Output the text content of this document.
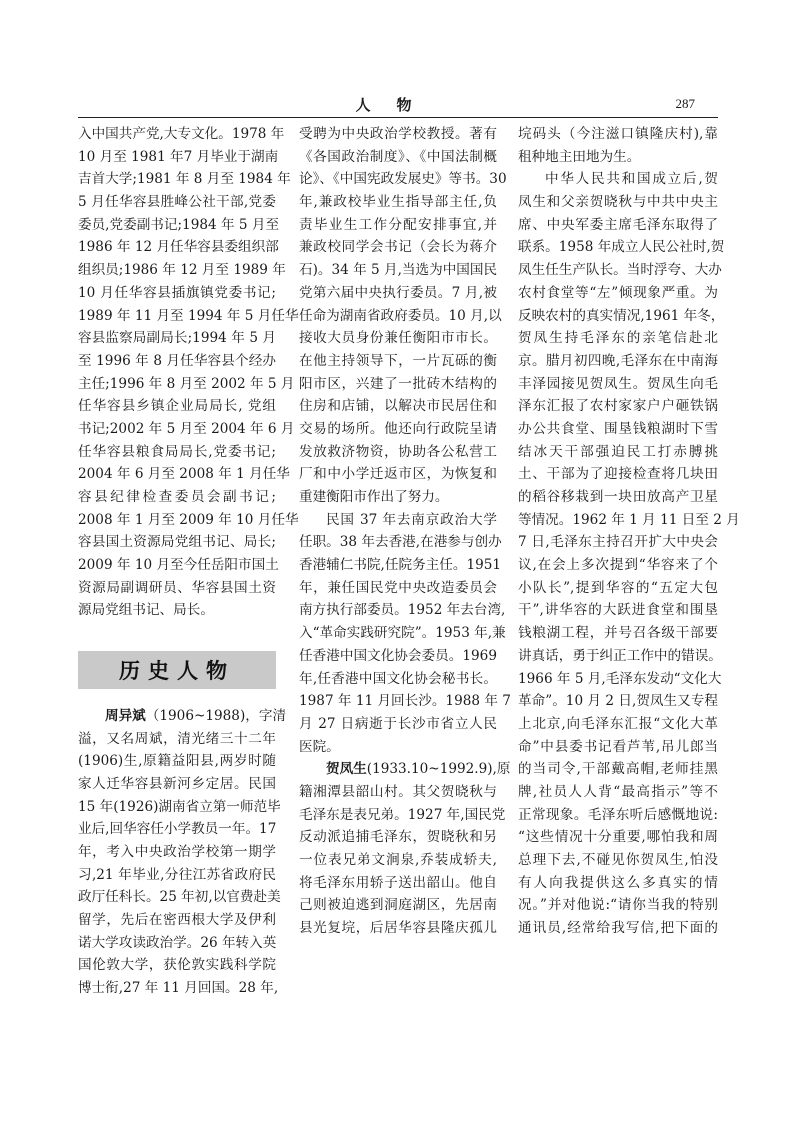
人物	287
入中国共产党,大专文化。1978 年
10 月至 1981 年7 月毕业于湖南
吉首大学;1981 年 8 月至 1984 年
5 月任华容县胜峰公社干部,党委
委员,党委副书记;1984 年 5 月至
1986 年 12 月任华容县委组织部
组织员;1986 年 12 月至 1989 年
10 月任华容县插旗镇党委书记;
1989 年 11 月至 1994 年 5 月任华
容县监察局副局长;1994 年 5 月
至 1996 年 8 月任华容县个经办
主任;1996 年 8 月至 2002 年 5 月
任华容县乡镇企业局局长, 党组
书记;2002 年 5 月至 2004 年 6 月
任华容县粮食局局长,党委书记;
2004 年 6 月至 2008 年 1 月任华
容县纪律检查委员会副书记;
2008 年 1 月至 2009 年 10 月任华
容县国土资源局党组书记、局长;
2009 年 10 月至今任岳阳市国土
资源局副调研员、华容县国土资
源局党组书记、局长。
历史人物
周异斌（1906~1988)，字清
溢，又名周斌，清光绪三十二年
(1906)生,原籍益阳县,两岁时随
家人迁华容县新河乡定居。民国
15 年(1926)湖南省立第一师范毕
业后,回华容任小学教员一年。17
年，考入中央政治学校第一期学
习,21 年毕业,分往江苏省政府民
政厅任科长。25 年初,以官费赴美
留学，先后在密西根大学及伊利
诺大学攻读政治学。26 年转入英
国伦敦大学，获伦敦实践科学院
博士衔,27 年 11 月回国。28 年,
受聘为中央政治学校教授。著有
《各国政治制度》、《中国法制概
论》、《中国宪政发展史》等书。30
年,兼政校毕业生指导部主任,负
责毕业生工作分配安排事宜,并
兼政校同学会书记（会长为蒋介
石)。34 年 5 月,当选为中国国民
党第六届中央执行委员。7 月,被
任命为湖南省政府委员。10 月,以
接收大员身份兼任衡阳市市长。
在他主持领导下，一片瓦砾的衡
阳市区，兴建了一批砖木结构的
住房和店铺，以解决市民居住和
交易的场所。他还向行政院呈请
发放救济物资，协助各公私营工
厂和中小学迁返市区，为恢复和
重建衡阳市作出了努力。
民国 37 年去南京政治大学
任职。38 年去香港,在港参与创办
香港辅仁书院,任院务主任。1951
年，兼任国民党中央改造委员会
南方执行部委员。1952 年去台湾,
入“革命实践研究院”。1953 年,兼
任香港中国文化协会委员。1969
年,任香港中国文化协会秘书长。
1987 年 11 月回长沙。1988 年 7
月 27 日病逝于长沙市省立人民
医院。
贺凤生(1933.10~1992.9),原
籍湘潭县韶山村。其父贺晓秋与
毛泽东是表兄弟。1927 年,国民党
反动派追捕毛泽东，贺晓秋和另
一位表兄弟文涧泉,乔装成轿夫,
将毛泽东用轿子送出韶山。他自
己则被迫逃到洞庭湖区，先居南
县光复垸，后居华容县隆庆孤儿
垸码头（今注滋口镇隆庆村),靠
租种地主田地为生。
中华人民共和国成立后,贺
凤生和父亲贺晓秋与中共中央主
席、中央军委主席毛泽东取得了
联系。1958 年成立人民公社时,贺
凤生任生产队长。当时浮夸、大办
农村食堂等“左”倾现象严重。为
反映农村的真实情况,1961 年冬，
贺凤生持毛泽东的亲笔信赴北
京。腊月初四晚,毛泽东在中南海
丰泽园接见贺凤生。贺凤生向毛
泽东汇报了农村家家户户砸铁锅
办公共食堂、围垦钱粮湖时下雪
结冰天干部强迫民工打赤膊挑
土、干部为了迎接检查将几块田
的稻谷移栽到一块田放高产卫星
等情况。1962 年 1 月 11 日至 2 月
7 日,毛泽东主持召开扩大中央会
议,在会上多次提到“华容来了个
小队长”,提到华容的“五定大包
干”,讲华容的大跃进食堂和围垦
钱粮湖工程，并号召各级干部要
讲真话，勇于纠正工作中的错误。
1966 年 5 月,毛泽东发动“文化大
革命”。10 月 2 日,贺凤生又专程
上北京,向毛泽东汇报“文化大革
命”中县委书记看芦苇,吊儿郎当
的当司令,干部戴高帽,老师挂黑
牌,社员人人背“最高指示”等不
正常现象。毛泽东听后感慨地说:
“这些情况十分重要,哪怕我和周
总理下去,不碰见你贺凤生,怕没
有人向我提供这么多真实的情
况。”并对他说:“请你当我的特别
通讯员,经常给我写信,把下面的
